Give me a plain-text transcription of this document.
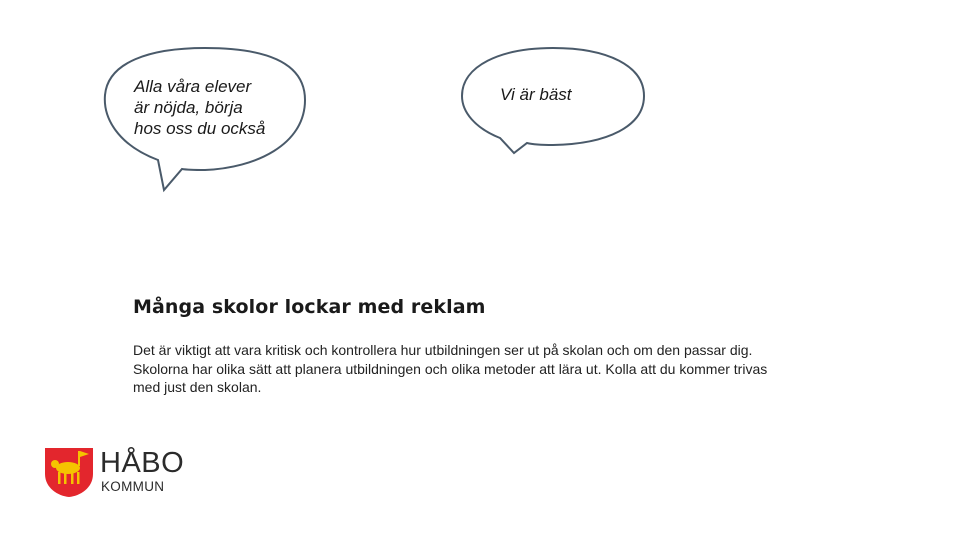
Alla våra elever
är nöjda, börja
hos oss du också
Vi är bäst
Många skolor lockar med reklam

Det är viktigt att vara kritisk och kontrollera hur utbildningen ser ut på skolan och om den passar dig.

Skolorna har olika sätt att planera utbildningen och olika metoder att lära ut. Kolla att du kommer trivas med just den skolan.

HÅBO
KOMMUN
